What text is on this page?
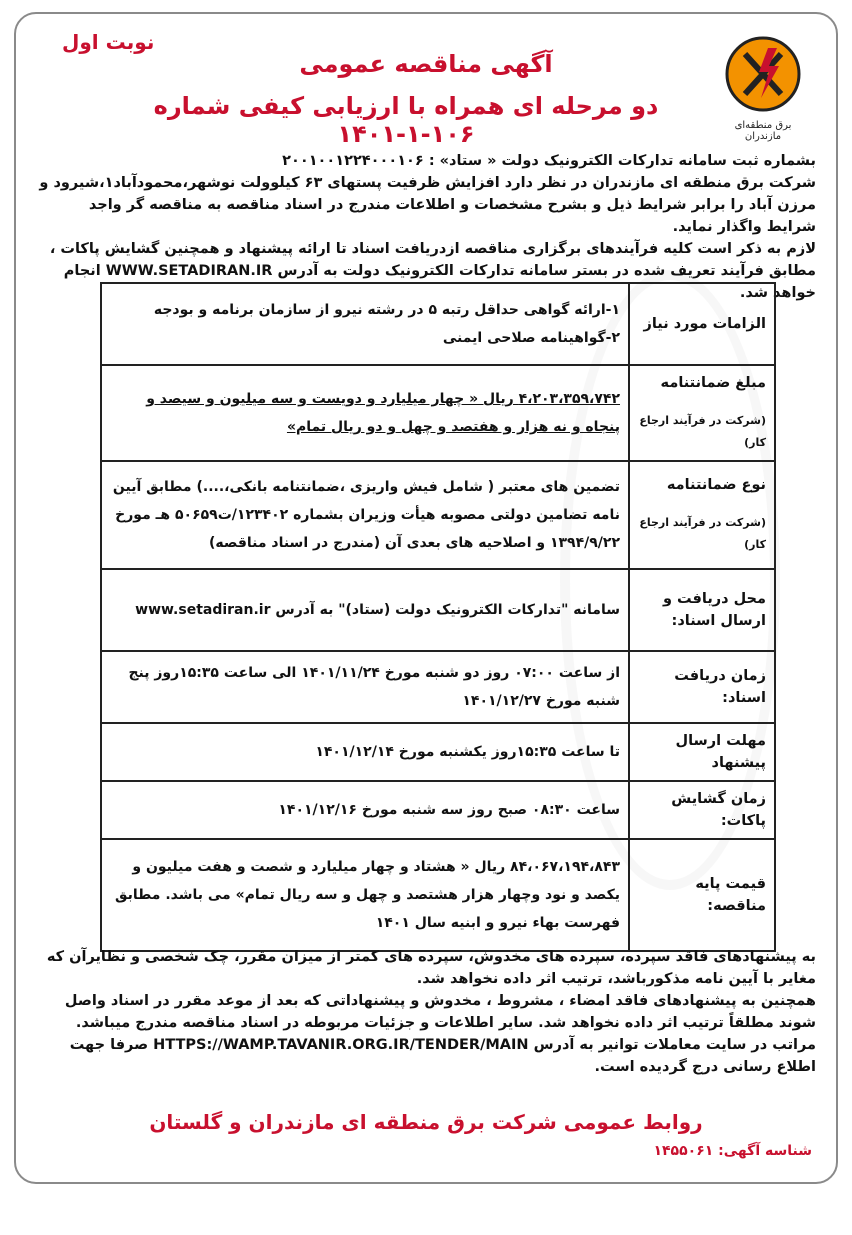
نوبت اول
برق منطقه‌ای مازندران
آگهی مناقصه عمومی
دو مرحله ای همراه با ارزیابی کیفی شماره ۱۰۶-۱-۱۴۰۱

بشماره ثبت سامانه تدارکات الکترونیک دولت « ستاد» : ۲۰۰۱۰۰۱۲۲۴۰۰۰۱۰۶

شرکت برق منطقه ای مازندران در نظر دارد افزایش ظرفیت پستهای ۶۳ کیلوولت نوشهر،محمودآباد۱،شیرود و مرزن آباد را برابر شرایط ذیل و بشرح مشخصات و اطلاعات مندرج در اسناد مناقصه به مناقصه گر واجد شرایط واگذار نماید.

لازم به ذکر است کلیه فرآیندهای برگزاری مناقصه ازدریافت اسناد تا ارائه پیشنهاد و همچنین گشایش پاکات ، مطابق فرآیند تعریف شده در بستر سامانه تدارکات الکترونیک دولت به آدرس WWW.SETADIRAN.IR انجام خواهد شد.

الزامات مورد نیاز	۱-ارائه گواهی حداقل رتبه ۵ در رشته نیرو از سازمان برنامه و بودجه
۲-گواهینامه صلاحی ایمنی

مبلغ ضمانتنامه
(شرکت در فرآیند ارجاع کار)	۴،۲۰۳،۳۵۹،۷۴۲ ریال « چهار میلیارد و دویست و سه میلیون و سیصد و پنجاه و نه هزار و هفتصد و چهل و دو ریال تمام»
نوع ضمانتنامه
(شرکت در فرآیند ارجاع کار)	تضمین های معتبر ( شامل فیش واریزی ،ضمانتنامه بانکی،....) مطابق آیین نامه تضامین دولتی مصوبه هیأت وزیران بشماره ۱۲۳۴۰۲/ت۵۰۶۵۹ هـ مورخ ۱۳۹۴/۹/۲۲ و اصلاحیه های بعدی آن (مندرج در اسناد مناقصه)
محل دریافت و ارسال اسناد:	سامانه "تدارکات الکترونیک دولت (ستاد)" به آدرس www.setadiran.ir
زمان دریافت اسناد:	از ساعت ۰۷:۰۰ روز دو شنبه مورخ ۱۴۰۱/۱۱/۲۴ الی ساعت ۱۵:۳۵روز پنج شنبه مورخ ۱۴۰۱/۱۲/۲۷
مهلت ارسال پیشنهاد	تا ساعت ۱۵:۳۵روز یکشنبه مورخ ۱۴۰۱/۱۲/۱۴
زمان گشایش پاکات:	ساعت ۰۸:۳۰ صبح روز سه شنبه مورخ ۱۴۰۱/۱۲/۱۶
قیمت پایه مناقصه:	۸۴،۰۶۷،۱۹۴،۸۴۳ ریال « هشتاد و چهار میلیارد و شصت و هفت میلیون و یکصد و نود وچهار هزار هشتصد و چهل و سه ریال تمام» می باشد. مطابق فهرست بهاء نیرو و ابنیه سال ۱۴۰۱

به پیشنهادهای فاقد سپرده، سپرده های مخدوش، سپرده های کمتر از میزان مقرر، چک شخصی و نظایرآن که مغایر با آیین نامه مذکورباشد، ترتیب اثر داده نخواهد شد.

همچنین به پیشنهادهای فاقد امضاء ، مشروط ، مخدوش و پیشنهاداتی که بعد از موعد مقرر در اسناد واصل شوند مطلقاً ترتیب اثر داده نخواهد شد. سایر اطلاعات و جزئیات مربوطه در اسناد مناقصه مندرج میباشد.

مراتب در سایت معاملات توانیر به آدرس HTTPS://WAMP.TAVANIR.ORG.IR/TENDER/MAIN صرفا جهت اطلاع رسانی درج گردیده است.

روابط عمومی شرکت برق منطقه ای مازندران و گلستان
شناسه آگهی: ۱۴۵۵۰۶۱
